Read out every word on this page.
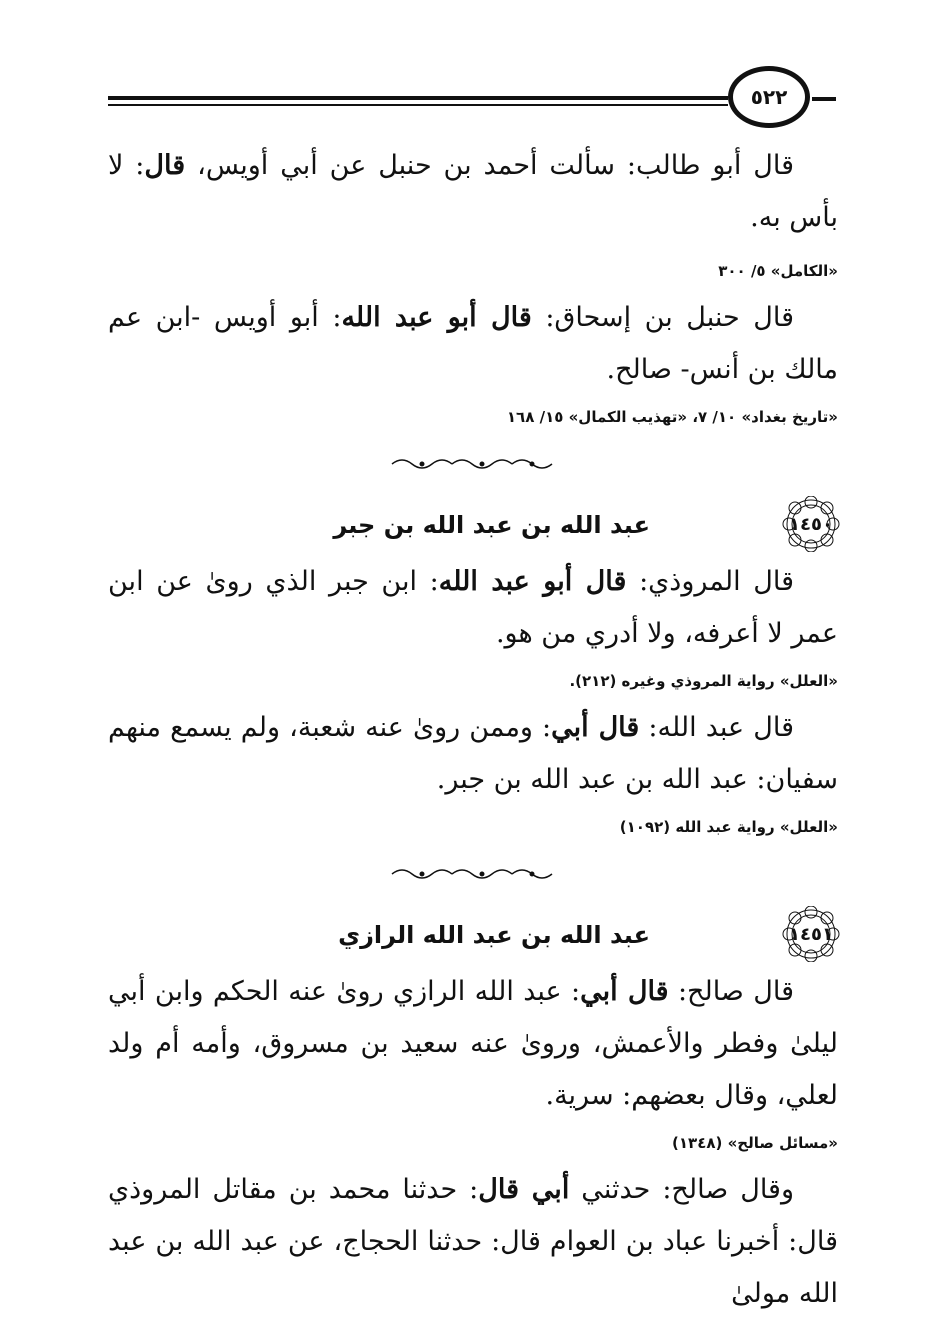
٥٢٢

قال أبو طالب: سألت أحمد بن حنبل عن أبي أويس، قال: لا بأس به.

«الكامل» ٥/ ٣٠٠

قال حنبل بن إسحاق: قال أبو عبد الله: أبو أويس -ابن عم مالك بن أنس- صالح.

«تاريخ بغداد» ١٠/ ٧، «تهذيب الكمال» ١٥/ ١٦٨

١٤٥٠

عبد الله بن عبد الله بن جبر

قال المروذي: قال أبو عبد الله: ابن جبر الذي روىٰ عن ابن عمر لا أعرفه، ولا أدري من هو.

«العلل» رواية المروذي وغيره (٢١٢).

قال عبد الله: قال أبي: وممن روىٰ عنه شعبة، ولم يسمع منهم سفيان: عبد الله بن عبد الله بن جبر.

«العلل» رواية عبد الله (١٠٩٢)

١٤٥١

عبد الله بن عبد الله الرازي

قال صالح: قال أبي: عبد الله الرازي روىٰ عنه الحكم وابن أبي ليلىٰ وفطر والأعمش، وروىٰ عنه سعيد بن مسروق، وأمه أم ولد لعلي، وقال بعضهم: سرية.

«مسائل صالح» (١٣٤٨)

وقال صالح: حدثني أبي قال: حدثنا محمد بن مقاتل المروذي قال: أخبرنا عباد بن العوام قال: حدثنا الحجاج، عن عبد الله بن عبد الله مولىٰ
